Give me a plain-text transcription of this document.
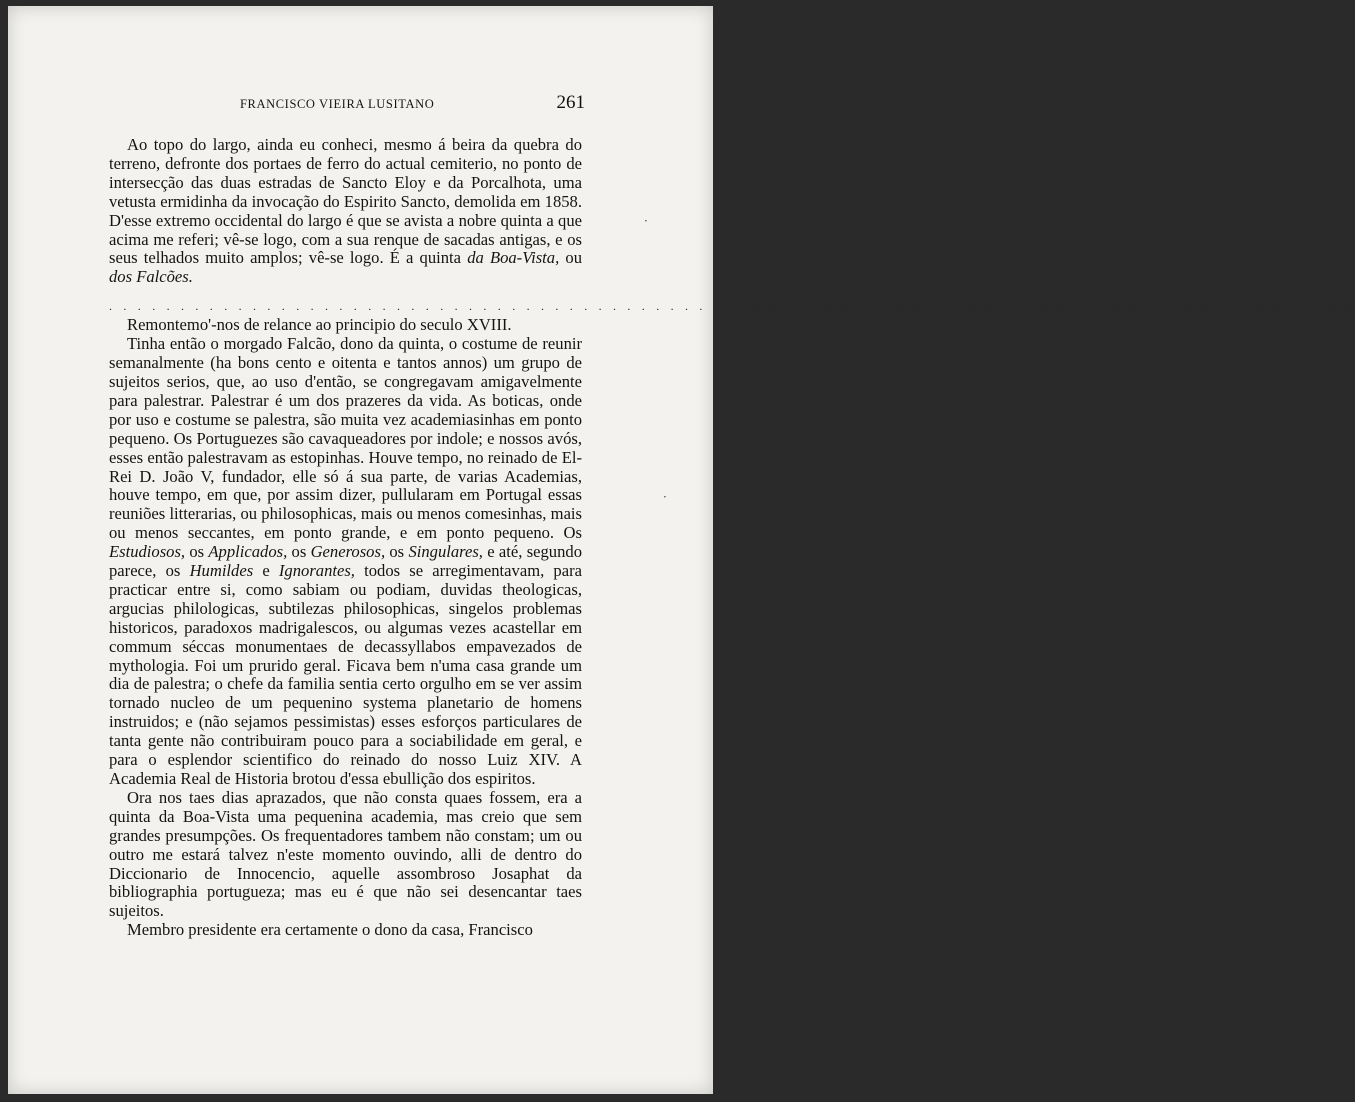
FRANCISCO VIEIRA LUSITANO	261

Ao topo do largo, ainda eu conheci, mesmo á beira da quebra do terreno, defronte dos portaes de ferro do actual cemiterio, no ponto de intersecção das duas estradas de Sancto Eloy e da Porcalhota, uma vetusta ermidinha da invocação do Espirito Sancto, demolida em 1858. D'esse extremo occidental do largo é que se avista a nobre quinta a que acima me referi; vê-se logo, com a sua renque de sacadas antigas, e os seus telhados muito amplos; vê-se logo. É a quinta da Boa-Vista, ou dos Falcões.

. . . . . . . . . . . . . . . . . . . . . . . . . . . . . . . . . . . . . . . . . . . . . . . . . . . . . . . . . . . . . . . . . . . . . . . . . . . . . . . . . . . . . . .

Remontemo'-nos de relance ao principio do seculo XVIII.

Tinha então o morgado Falcão, dono da quinta, o costume de reunir semanalmente (ha bons cento e oitenta e tantos annos) um grupo de sujeitos serios, que, ao uso d'então, se congregavam amigavelmente para palestrar. Palestrar é um dos prazeres da vida. As boticas, onde por uso e costume se palestra, são muita vez academiasinhas em ponto pequeno. Os Portuguezes são cavaqueadores por indole; e nossos avós, esses então palestravam as estopinhas. Houve tempo, no reinado de El-Rei D. João V, fundador, elle só á sua parte, de varias Academias, houve tempo, em que, por assim dizer, pullularam em Portugal essas reuniões litterarias, ou philosophicas, mais ou menos comesinhas, mais ou menos seccantes, em ponto grande, e em ponto pequeno. Os Estudiosos, os Applicados, os Generosos, os Singulares, e até, segundo parece, os Humildes e Ignorantes, todos se arregimentavam, para practicar entre si, como sabiam ou podiam, duvidas theologicas, argucias philologicas, subtilezas philosophicas, singelos problemas historicos, paradoxos madrigalescos, ou algumas vezes acastellar em commum séccas monumentaes de decassyllabos empavezados de mythologia. Foi um prurido geral. Ficava bem n'uma casa grande um dia de palestra; o chefe da familia sentia certo orgulho em se ver assim tornado nucleo de um pequenino systema planetario de homens instruidos; e (não sejamos pessimistas) esses esforços particulares de tanta gente não contribuiram pouco para a sociabilidade em geral, e para o esplendor scientifico do reinado do nosso Luiz XIV. A Academia Real de Historia brotou d'essa ebullição dos espiritos.

Ora nos taes dias aprazados, que não consta quaes fossem, era a quinta da Boa-Vista uma pequenina academia, mas creio que sem grandes presumpções. Os frequentadores tambem não constam; um ou outro me estará talvez n'este momento ouvindo, alli de dentro do Diccionario de Innocencio, aquelle assombroso Josaphat da bibliographia portugueza; mas eu é que não sei desencantar taes sujeitos.

Membro presidente era certamente o dono da casa, Francisco

·
·
